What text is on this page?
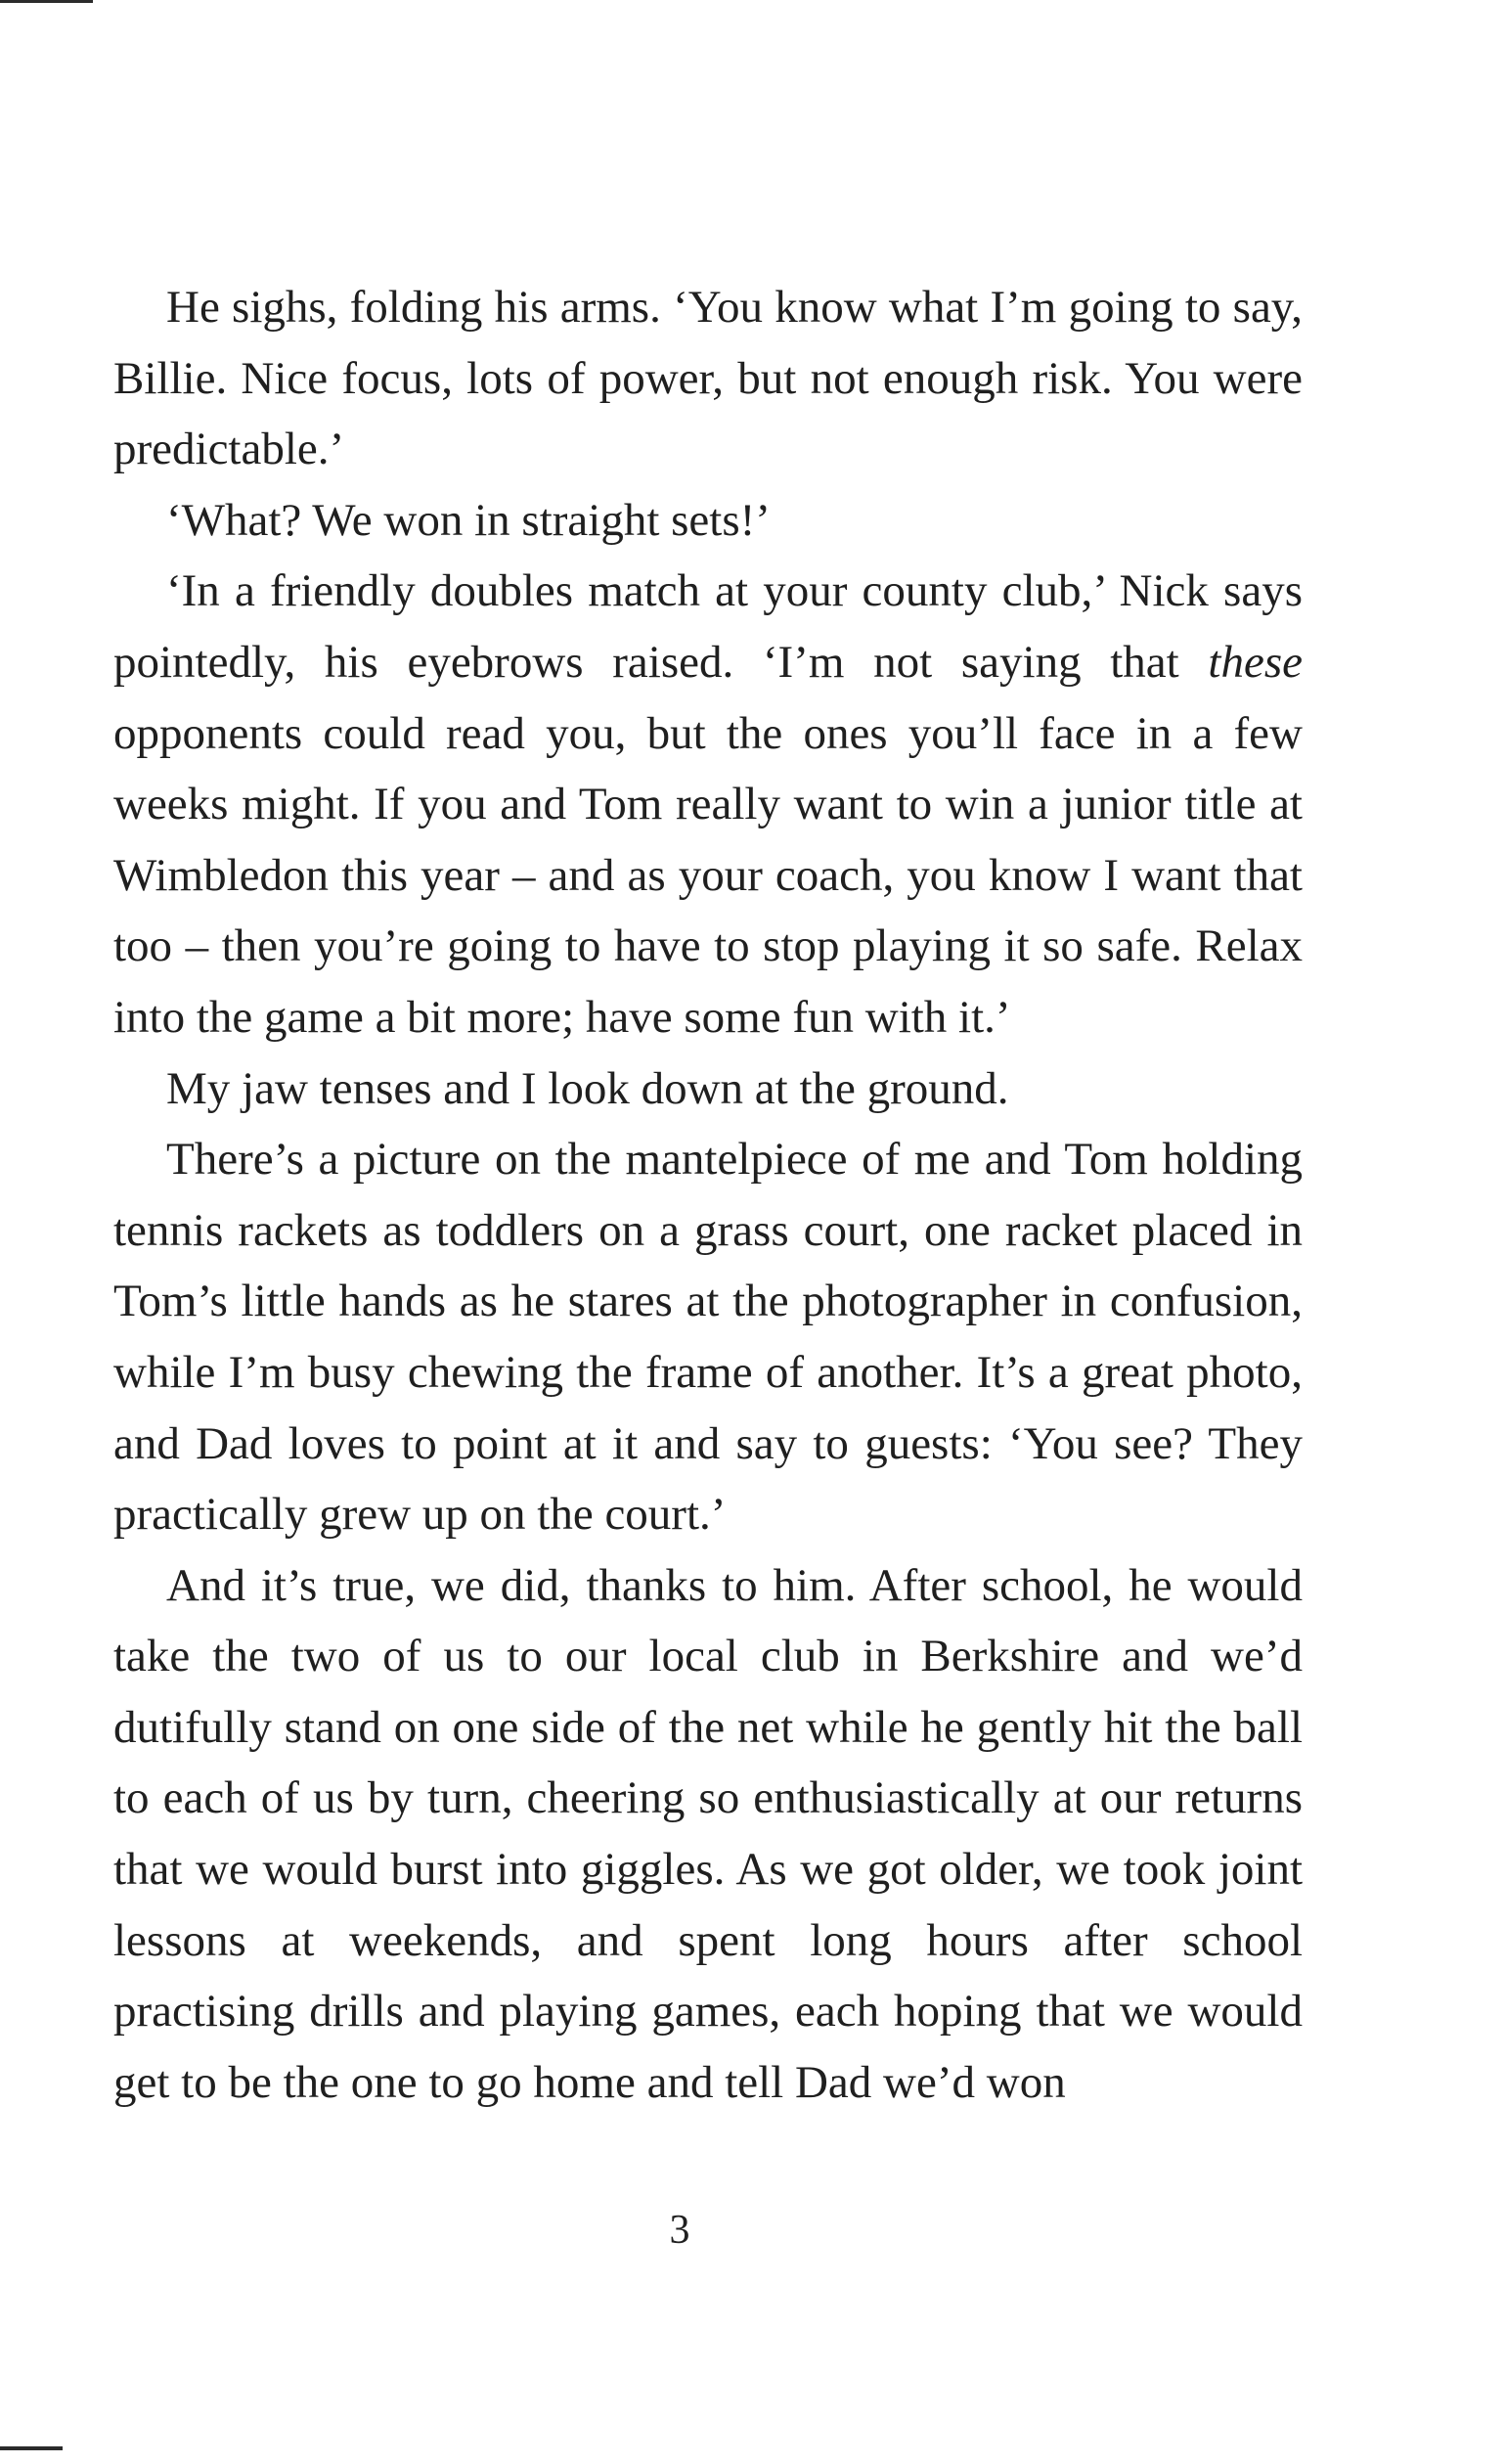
He sighs, folding his arms. ‘You know what I’m going to say, Billie. Nice focus, lots of power, but not enough risk. You were predictable.’

‘What? We won in straight sets!’

‘In a friendly doubles match at your county club,’ Nick says pointedly, his eyebrows raised. ‘I’m not saying that these opponents could read you, but the ones you’ll face in a few weeks might. If you and Tom really want to win a junior title at Wimbledon this year – and as your coach, you know I want that too – then you’re going to have to stop playing it so safe. Relax into the game a bit more; have some fun with it.’

My jaw tenses and I look down at the ground.

There’s a picture on the mantelpiece of me and Tom holding tennis rackets as toddlers on a grass court, one racket placed in Tom’s little hands as he stares at the photographer in confusion, while I’m busy chewing the frame of another. It’s a great photo, and Dad loves to point at it and say to guests: ‘You see? They practically grew up on the court.’

And it’s true, we did, thanks to him. After school, he would take the two of us to our local club in Berkshire and we’d dutifully stand on one side of the net while he gently hit the ball to each of us by turn, cheering so enthusiastically at our returns that we would burst into giggles. As we got older, we took joint lessons at weekends, and spent long hours after school practising drills and playing games, each hoping that we would get to be the one to go home and tell Dad we’d won

3
